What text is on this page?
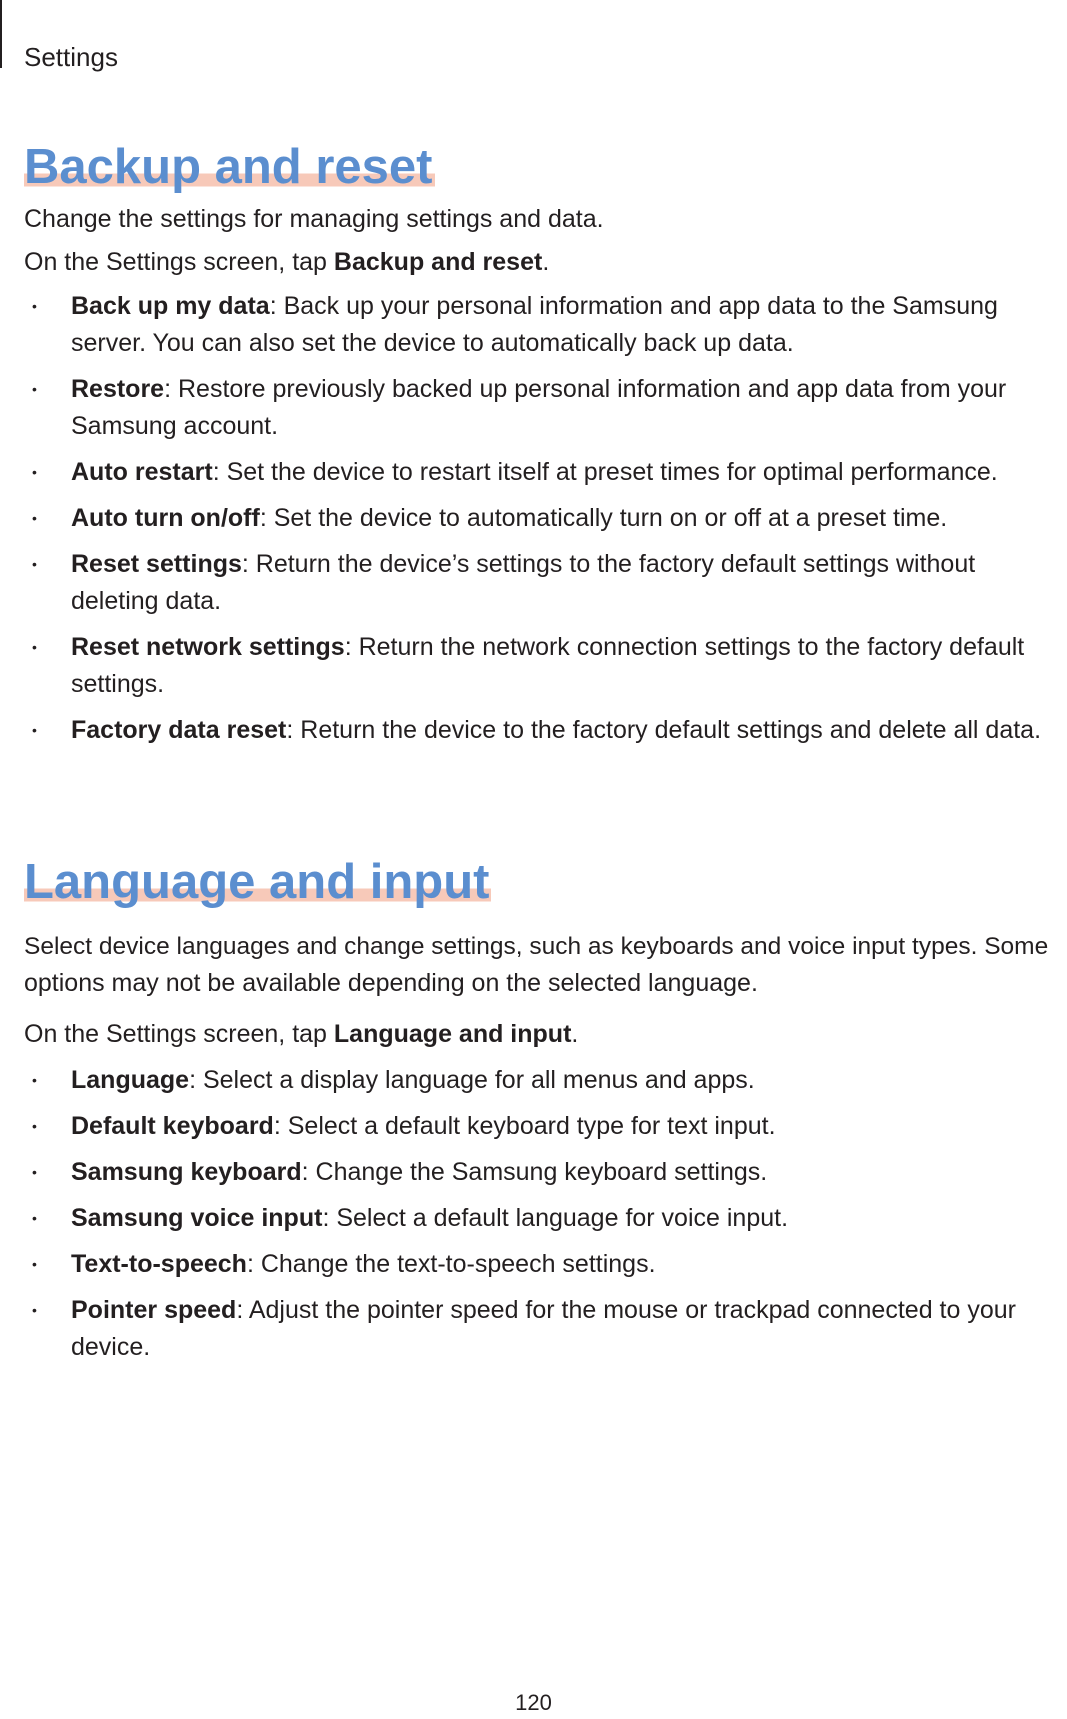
Settings
Backup and reset

Change the settings for managing settings and data.

On the Settings screen, tap Backup and reset.

• Back up my data: Back up your personal information and app data to the Samsung server. You can also set the device to automatically back up data.
• Restore: Restore previously backed up personal information and app data from your Samsung account.
• Auto restart: Set the device to restart itself at preset times for optimal performance.
• Auto turn on/off: Set the device to automatically turn on or off at a preset time.
• Reset settings: Return the device’s settings to the factory default settings without deleting data.
• Reset network settings: Return the network connection settings to the factory default settings.
• Factory data reset: Return the device to the factory default settings and delete all data.
Language and input

Select device languages and change settings, such as keyboards and voice input types. Some

options may not be available depending on the selected language.

On the Settings screen, tap Language and input.

• Language: Select a display language for all menus and apps.
• Default keyboard: Select a default keyboard type for text input.
• Samsung keyboard: Change the Samsung keyboard settings.
• Samsung voice input: Select a default language for voice input.
• Text-to-speech: Change the text-to-speech settings.
• Pointer speed: Adjust the pointer speed for the mouse or trackpad connected to your device.
120
